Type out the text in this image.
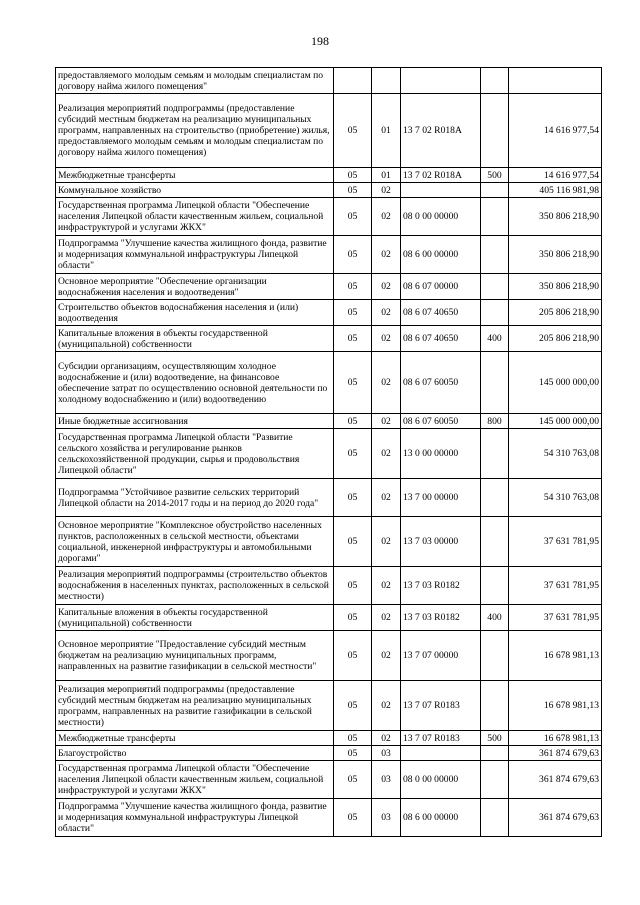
198
предоставляемого молодым семьям и молодым специалистам по договору найма жилого помещения"					
Реализация мероприятий подпрограммы (предоставление субсидий местным бюджетам на реализацию муниципальных программ, направленных на строительство (приобретение) жилья, предоставляемого молодым семьям и молодым специалистам по договору найма жилого помещения)	05	01	13 7 02 R018A		14 616 977,54
Межбюджетные трансферты	05	01	13 7 02 R018A	500	14 616 977,54
Коммунальное хозяйство	05	02			405 116 981,98
Государственная программа Липецкой области "Обеспечение населения Липецкой области качественным жильем, социальной инфраструктурой и услугами ЖКХ"	05	02	08 0 00 00000		350 806 218,90
Подпрограмма "Улучшение качества жилищного фонда, развитие и модернизация коммунальной инфраструктуры Липецкой области"	05	02	08 6 00 00000		350 806 218,90
Основное мероприятие "Обеспечение организации водоснабжения населения и водоотведения"	05	02	08 6 07 00000		350 806 218,90
Строительство объектов водоснабжения населения и (или) водоотведения	05	02	08 6 07 40650		205 806 218,90
Капитальные вложения в объекты государственной (муниципальной) собственности	05	02	08 6 07 40650	400	205 806 218,90
Субсидии организациям, осуществляющим холодное водоснабжение и (или) водоотведение, на финансовое обеспечение затрат по осуществлению основной деятельности по холодному водоснабжению и (или) водоотведению	05	02	08 6 07 60050		145 000 000,00
Иные бюджетные ассигнования	05	02	08 6 07 60050	800	145 000 000,00
Государственная программа Липецкой области "Развитие сельского хозяйства и регулирование рынков сельскохозяйственной продукции, сырья и продовольствия Липецкой области"	05	02	13 0 00 00000		54 310 763,08
Подпрограмма "Устойчивое развитие сельских территорий Липецкой области на 2014-2017 годы и на период до 2020 года"	05	02	13 7 00 00000		54 310 763,08
Основное мероприятие "Комплексное обустройство населенных пунктов, расположенных в сельской местности, объектами социальной, инженерной инфраструктуры и автомобильными дорогами"	05	02	13 7 03 00000		37 631 781,95
Реализация мероприятий подпрограммы (строительство объектов водоснабжения в населенных пунктах, расположенных в сельской местности)	05	02	13 7 03 R0182		37 631 781,95
Капитальные вложения в объекты государственной (муниципальной) собственности	05	02	13 7 03 R0182	400	37 631 781,95
Основное мероприятие "Предоставление субсидий местным бюджетам на реализацию муниципальных программ, направленных на развитие газификации в сельской местности"	05	02	13 7 07 00000		16 678 981,13
Реализация мероприятий подпрограммы (предоставление субсидий местным бюджетам на реализацию муниципальных программ, направленных на развитие газификации в сельской местности)	05	02	13 7 07 R0183		16 678 981,13
Межбюджетные трансферты	05	02	13 7 07 R0183	500	16 678 981,13
Благоустройство	05	03			361 874 679,63
Государственная программа Липецкой области "Обеспечение населения Липецкой области качественным жильем, социальной инфраструктурой и услугами ЖКХ"	05	03	08 0 00 00000		361 874 679,63
Подпрограмма "Улучшение качества жилищного фонда, развитие и модернизация коммунальной инфраструктуры Липецкой области"	05	03	08 6 00 00000		361 874 679,63
